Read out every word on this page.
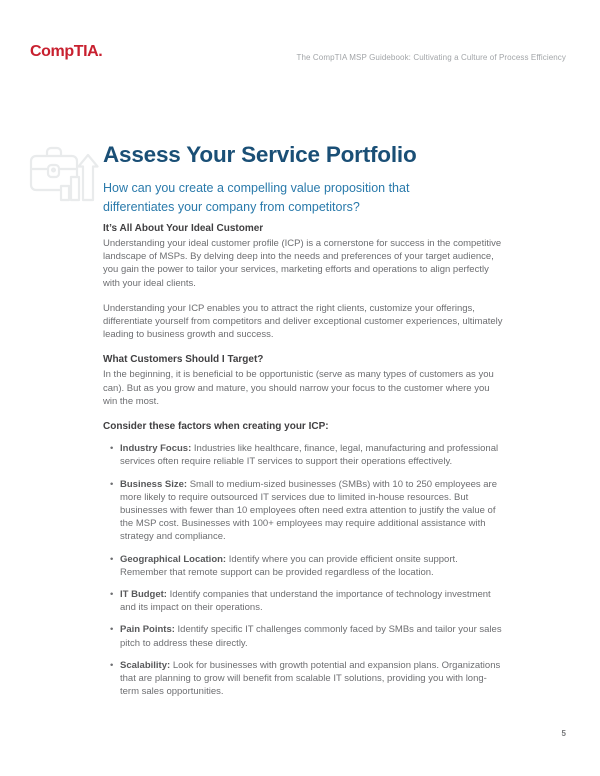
CompTIA.	The CompTIA MSP Guidebook: Cultivating a Culture of Process Efficiency
Assess Your Service Portfolio
How can you create a compelling value proposition that differentiates your company from competitors?
It’s All About Your Ideal Customer

Understanding your ideal customer profile (ICP) is a cornerstone for success in the competitive landscape of MSPs. By delving deep into the needs and preferences of your target audience, you gain the power to tailor your services, marketing efforts and operations to align perfectly with your ideal clients.

Understanding your ICP enables you to attract the right clients, customize your offerings, differentiate yourself from competitors and deliver exceptional customer experiences, ultimately leading to business growth and success.

What Customers Should I Target?

In the beginning, it is beneficial to be opportunistic (serve as many types of customers as you can). But as you grow and mature, you should narrow your focus to the customer where you win the most.

Consider these factors when creating your ICP:
• Industry Focus: Industries like healthcare, finance, legal, manufacturing and professional services often require reliable IT services to support their operations effectively.
• Business Size: Small to medium-sized businesses (SMBs) with 10 to 250 employees are more likely to require outsourced IT services due to limited in-house resources. But businesses with fewer than 10 employees often need extra attention to justify the value of the MSP cost. Businesses with 100+ employees may require additional assistance with strategy and compliance.
• Geographical Location: Identify where you can provide efficient onsite support. Remember that remote support can be provided regardless of the location.
• IT Budget: Identify companies that understand the importance of technology investment and its impact on their operations.
• Pain Points: Identify specific IT challenges commonly faced by SMBs and tailor your sales pitch to address these directly.
• Scalability: Look for businesses with growth potential and expansion plans. Organizations that are planning to grow will benefit from scalable IT solutions, providing you with long-term sales opportunities.
5
